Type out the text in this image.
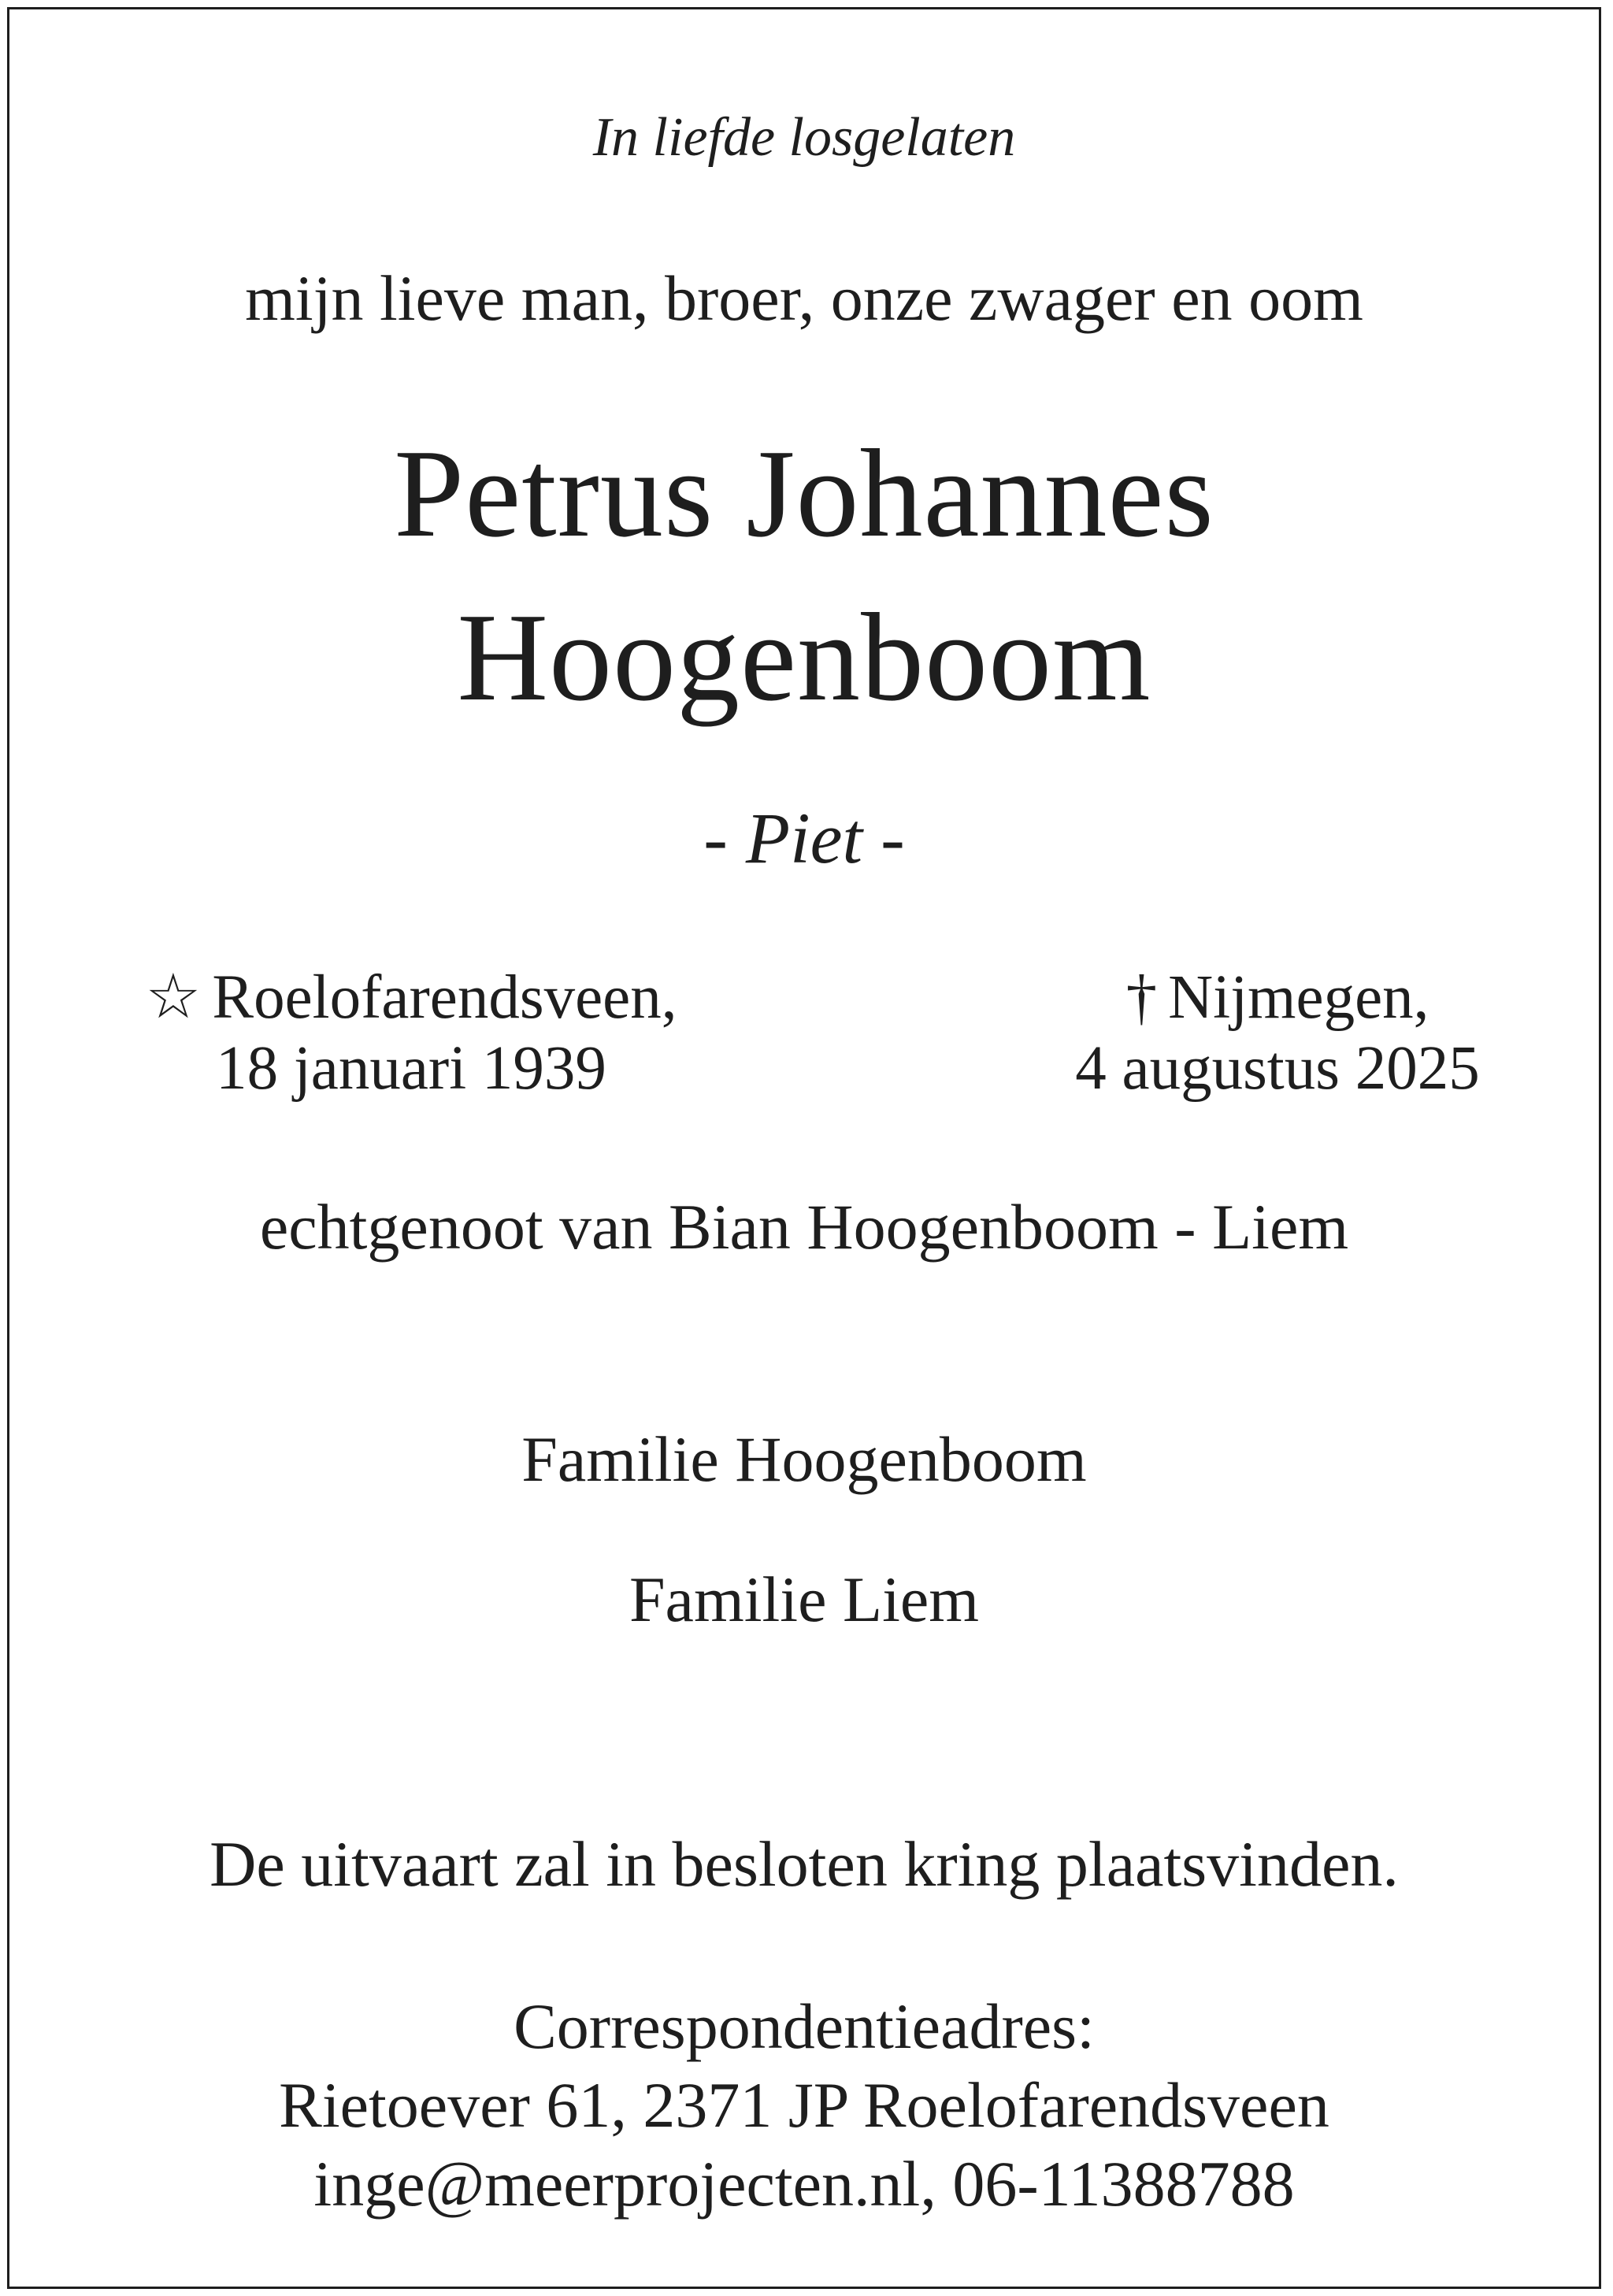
In liefde losgelaten
mijn lieve man, broer, onze zwager en oom
Petrus Johannes
Hoogenboom
- Piet -
☆ Roelofarendsveen,
18 januari 1939
† Nijmegen,
4 augustus 2025
echtgenoot van Bian Hoogenboom - Liem
Familie Hoogenboom
Familie Liem
De uitvaart zal in besloten kring plaatsvinden.
Correspondentieadres:
Rietoever 61, 2371 JP Roelofarendsveen
inge@meerprojecten.nl, 06-11388788
